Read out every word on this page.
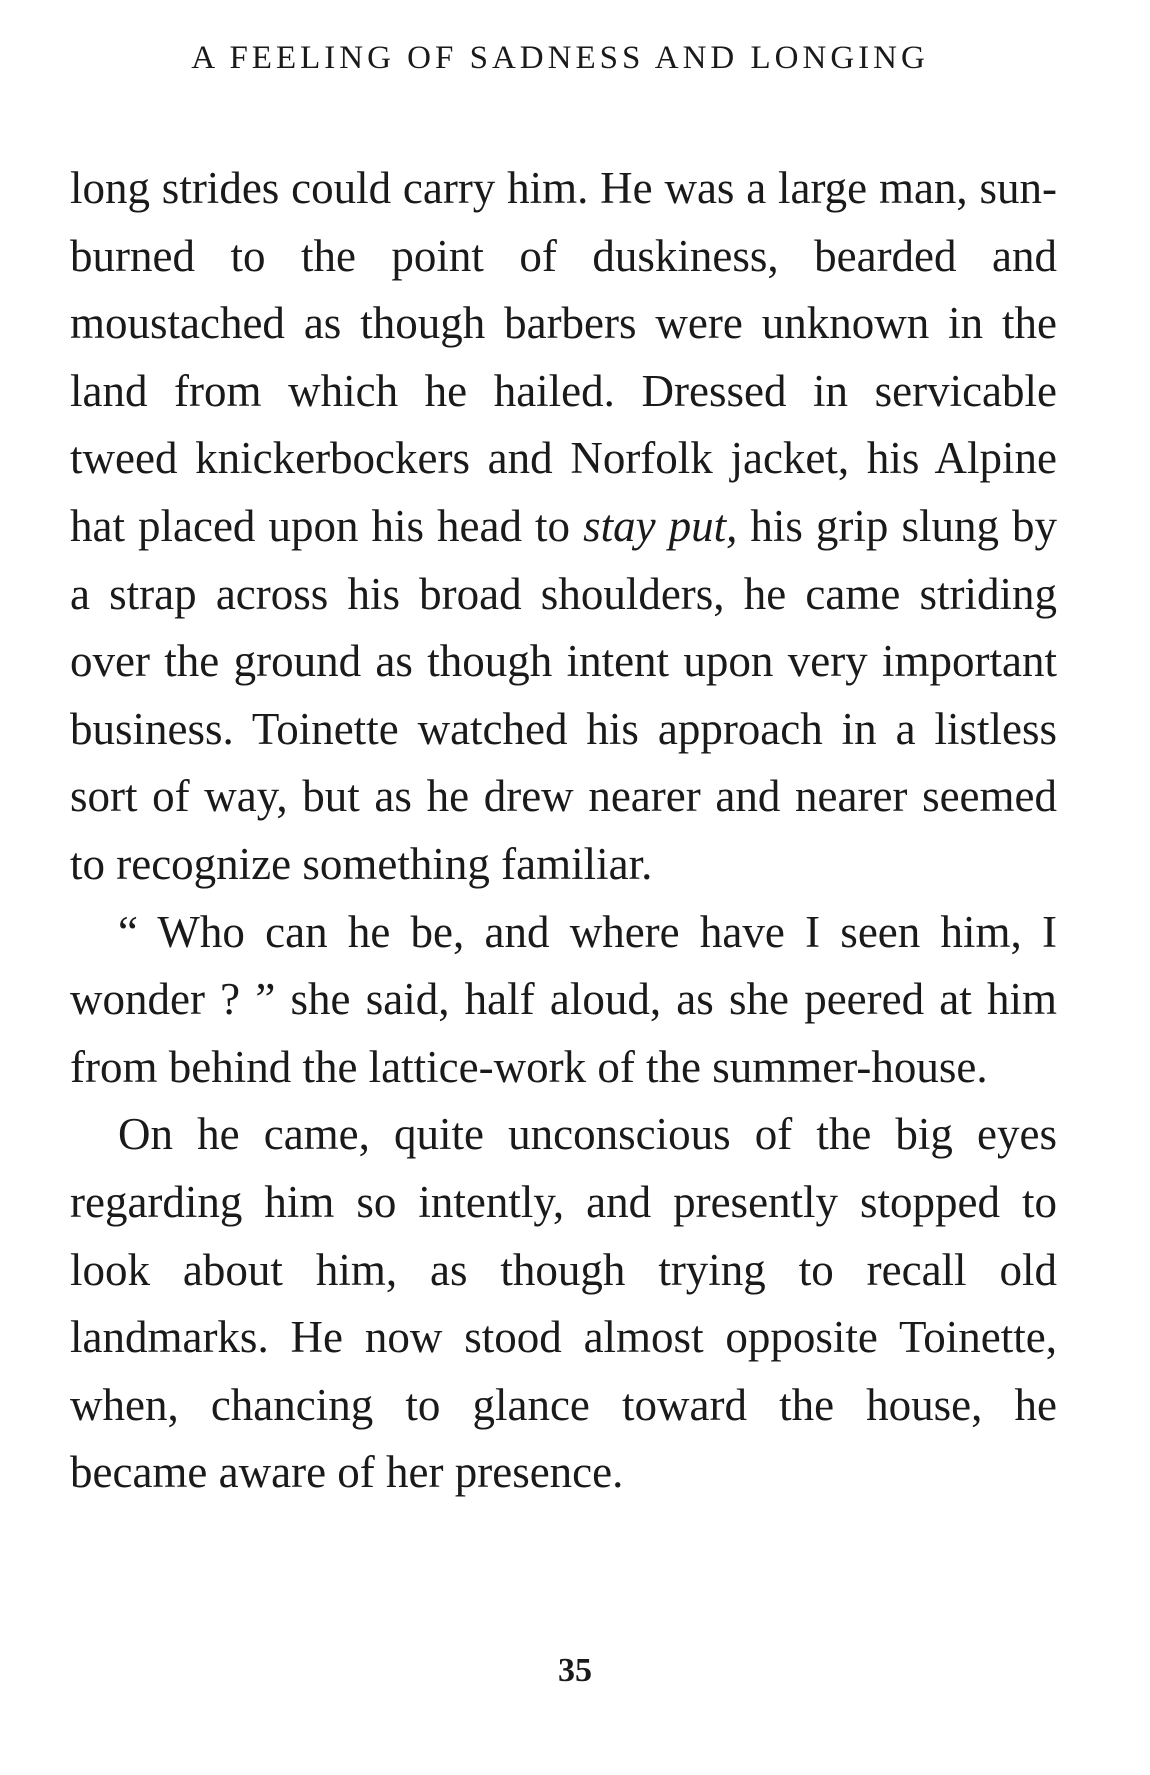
A FEELING OF SADNESS AND LONGING

long strides could carry him. He was a large man, sun-burned to the point of duskiness, bearded and moustached as though barbers were unknown in the land from which he hailed. Dressed in servicable tweed knickerbockers and Norfolk jacket, his Alpine hat placed upon his head to stay put, his grip slung by a strap across his broad shoulders, he came striding over the ground as though intent upon very important business. Toinette watched his approach in a listless sort of way, but as he drew nearer and nearer seemed to recognize something familiar.

“ Who can he be, and where have I seen him, I wonder ? ” she said, half aloud, as she peered at him from behind the lattice-work of the summer-house.

On he came, quite unconscious of the big eyes regarding him so intently, and presently stopped to look about him, as though trying to recall old landmarks. He now stood almost opposite Toinette, when, chancing to glance toward the house, he became aware of her presence.

35
